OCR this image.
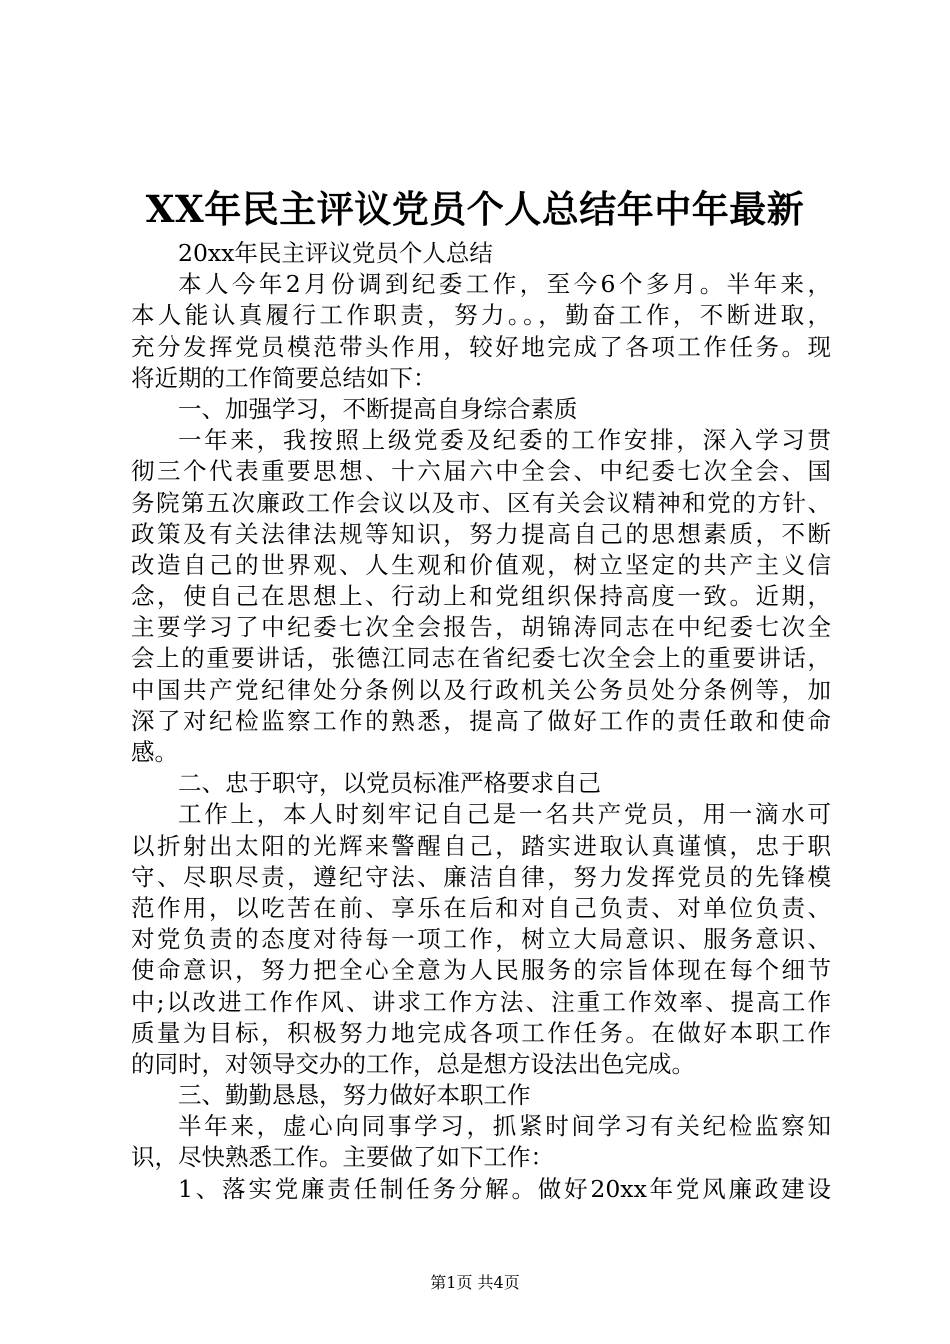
XX年民主评议党员个人总结年中年最新
20xx年民主评议党员个人总结
本人今年2月份调到纪委工作，至今6个多月。半年来，
本人能认真履行工作职责，努力。。，勤奋工作，不断进取，
充分发挥党员模范带头作用，较好地完成了各项工作任务。现
将近期的工作简要总结如下：
一、加强学习，不断提高自身综合素质
一年来，我按照上级党委及纪委的工作安排，深入学习贯
彻三个代表重要思想、十六届六中全会、中纪委七次全会、国
务院第五次廉政工作会议以及市、区有关会议精神和党的方针、
政策及有关法律法规等知识，努力提高自己的思想素质，不断
改造自己的世界观、人生观和价值观，树立坚定的共产主义信
念，使自己在思想上、行动上和党组织保持高度一致。近期，
主要学习了中纪委七次全会报告，胡锦涛同志在中纪委七次全
会上的重要讲话，张德江同志在省纪委七次全会上的重要讲话，
中国共产党纪律处分条例以及行政机关公务员处分条例等，加
深了对纪检监察工作的熟悉，提高了做好工作的责任敢和使命
感。
二、忠于职守，以党员标准严格要求自己
工作上，本人时刻牢记自己是一名共产党员，用一滴水可
以折射出太阳的光辉来警醒自己，踏实进取认真谨慎，忠于职
守、尽职尽责，遵纪守法、廉洁自律，努力发挥党员的先锋模
范作用，以吃苦在前、享乐在后和对自己负责、对单位负责、
对党负责的态度对待每一项工作，树立大局意识、服务意识、
使命意识，努力把全心全意为人民服务的宗旨体现在每个细节
中;以改进工作作风、讲求工作方法、注重工作效率、提高工作
质量为目标，积极努力地完成各项工作任务。在做好本职工作
的同时，对领导交办的工作，总是想方设法出色完成。
三、勤勤恳恳，努力做好本职工作
半年来，虚心向同事学习，抓紧时间学习有关纪检监察知
识，尽快熟悉工作。主要做了如下工作：
1、落实党廉责任制任务分解。做好20xx年党风廉政建设
第1页 共4页
